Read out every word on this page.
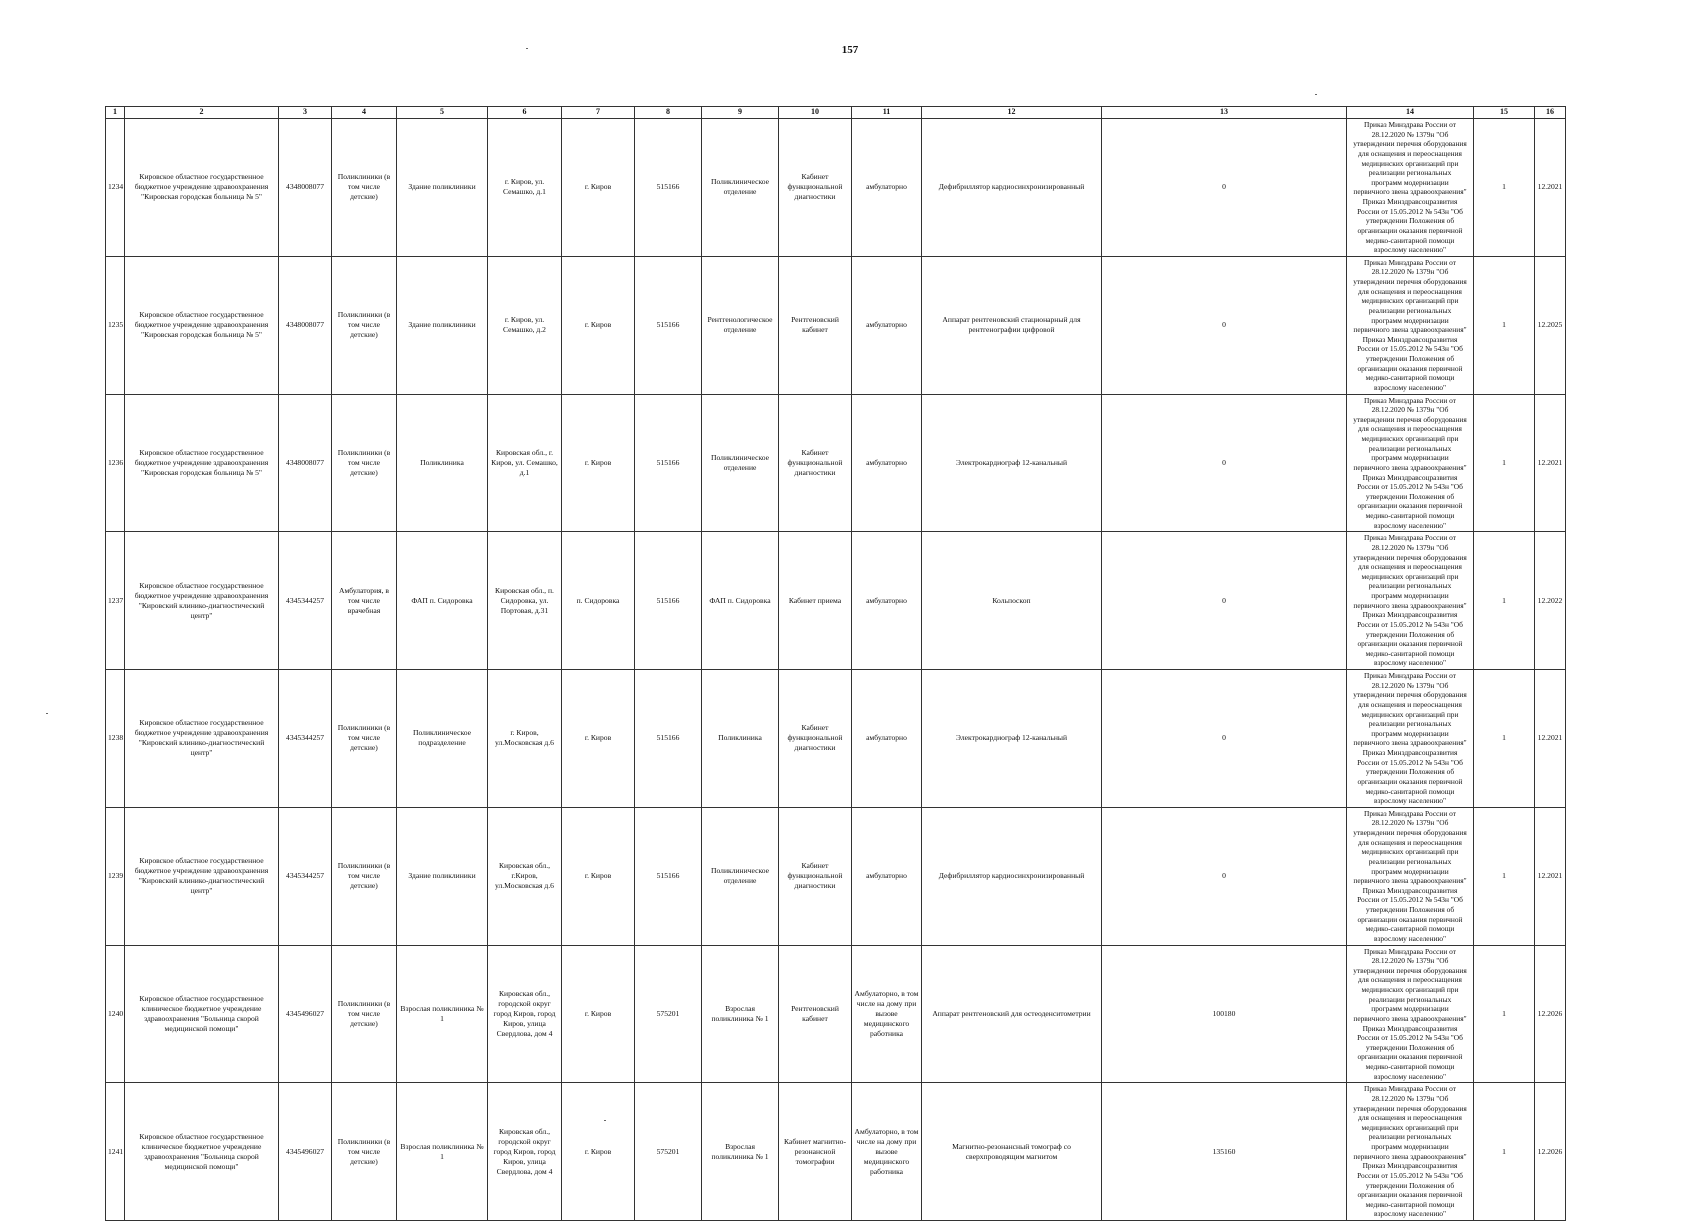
157
1	2	3	4	5	6	7	8	9	10	11	12	13	14	15	16
1234	Кировское областное государственное бюджетное учреждение здравоохранения "Кировская городская больница № 5"	4348008077	Поликлиники (в том числе детские)	Здание поликлиники	г. Киров, ул. Семашко, д.1	г. Киров	515166	Поликлиническое отделение	Кабинет функциональной диагностики	амбулаторно	Дефибриллятор кардиосинхронизированный	0	Приказ Минздрава России от 28.12.2020 № 1379н "Об утверждении перечня оборудования для оснащения и переоснащения медицинских организаций при реализации региональных программ модернизации первичного звена здравоохранения" Приказ Минздравсоцразвития России от 15.05.2012 № 543н "Об утверждении Положения об организации оказания первичной медико-санитарной помощи взрослому населению"	1	12.2021
1235	Кировское областное государственное бюджетное учреждение здравоохранения "Кировская городская больница № 5"	4348008077	Поликлиники (в том числе детские)	Здание поликлиники	г. Киров, ул. Семашко, д.2	г. Киров	515166	Рентгенологическое отделение	Рентгеновский кабинет	амбулаторно	Аппарат рентгеновский стационарный для рентгенографии цифровой	0	Приказ Минздрава России от 28.12.2020 № 1379н "Об утверждении перечня оборудования для оснащения и переоснащения медицинских организаций при реализации региональных программ модернизации первичного звена здравоохранения" Приказ Минздравсоцразвития России от 15.05.2012 № 543н "Об утверждении Положения об организации оказания первичной медико-санитарной помощи взрослому населению"	1	12.2025
1236	Кировское областное государственное бюджетное учреждение здравоохранения "Кировская городская больница № 5"	4348008077	Поликлиники (в том числе детские)	Поликлиника	Кировская обл., г. Киров, ул. Семашко, д.1	г. Киров	515166	Поликлиническое отделение	Кабинет функциональной диагностики	амбулаторно	Электрокардиограф 12-канальный	0	Приказ Минздрава России от 28.12.2020 № 1379н "Об утверждении перечня оборудования для оснащения и переоснащения медицинских организаций при реализации региональных программ модернизации первичного звена здравоохранения" Приказ Минздравсоцразвития России от 15.05.2012 № 543н "Об утверждении Положения об организации оказания первичной медико-санитарной помощи взрослому населению"	1	12.2021
1237	Кировское областное государственное бюджетное учреждение здравоохранения "Кировский клинико-диагностический центр"	4345344257	Амбулатория, в том числе врачебная	ФАП п. Сидоровка	Кировская обл., п. Сидоровка, ул. Портовая, д.31	п. Сидоровка	515166	ФАП п. Сидоровка	Кабинет приема	амбулаторно	Кольпоскоп	0	Приказ Минздрава России от 28.12.2020 № 1379н "Об утверждении перечня оборудования для оснащения и переоснащения медицинских организаций при реализации региональных программ модернизации первичного звена здравоохранения" Приказ Минздравсоцразвития России от 15.05.2012 № 543н "Об утверждении Положения об организации оказания первичной медико-санитарной помощи взрослому населению"	1	12.2022
1238	Кировское областное государственное бюджетное учреждение здравоохранения "Кировский клинико-диагностический центр"	4345344257	Поликлиники (в том числе детские)	Поликлиническое подразделение	г. Киров, ул.Московская д.6	г. Киров	515166	Поликлиника	Кабинет функциональной диагностики	амбулаторно	Электрокардиограф 12-канальный	0	Приказ Минздрава России от 28.12.2020 № 1379н "Об утверждении перечня оборудования для оснащения и переоснащения медицинских организаций при реализации региональных программ модернизации первичного звена здравоохранения" Приказ Минздравсоцразвития России от 15.05.2012 № 543н "Об утверждении Положения об организации оказания первичной медико-санитарной помощи взрослому населению"	1	12.2021
1239	Кировское областное государственное бюджетное учреждение здравоохранения "Кировский клинико-диагностический центр"	4345344257	Поликлиники (в том числе детские)	Здание поликлиники	Кировская обл., г.Киров, ул.Московская д.6	г. Киров	515166	Поликлиническое отделение	Кабинет функциональной диагностики	амбулаторно	Дефибриллятор кардиосинхронизированный	0	Приказ Минздрава России от 28.12.2020 № 1379н "Об утверждении перечня оборудования для оснащения и переоснащения медицинских организаций при реализации региональных программ модернизации первичного звена здравоохранения" Приказ Минздравсоцразвития России от 15.05.2012 № 543н "Об утверждении Положения об организации оказания первичной медико-санитарной помощи взрослому населению"	1	12.2021
1240	Кировское областное государственное клиническое бюджетное учреждение здравоохранения "Больница скорой медицинской помощи"	4345496027	Поликлиники (в том числе детские)	Взрослая поликлиника № 1	Кировская обл., городской округ город Киров, город Киров, улица Свердлова, дом 4	г. Киров	575201	Взрослая поликлиника № 1	Рентгеновский кабинет	Амбулаторно, в том числе на дому при вызове медицинского работника	Аппарат рентгеновский для остеоденситометрии	100180	Приказ Минздрава России от 28.12.2020 № 1379н "Об утверждении перечня оборудования для оснащения и переоснащения медицинских организаций при реализации региональных программ модернизации первичного звена здравоохранения" Приказ Минздравсоцразвития России от 15.05.2012 № 543н "Об утверждении Положения об организации оказания первичной медико-санитарной помощи взрослому населению"	1	12.2026
1241	Кировское областное государственное клиническое бюджетное учреждение здравоохранения "Больница скорой медицинской помощи"	4345496027	Поликлиники (в том числе детские)	Взрослая поликлиника № 1	Кировская обл., городской округ город Киров, город Киров, улица Свердлова, дом 4	г. Киров	575201	Взрослая поликлиника № 1	Кабинет магнитно-резонансной томографии	Амбулаторно, в том числе на дому при вызове медицинского работника	Магнитно-резонансный томограф со сверхпроводящим магнитом	135160	Приказ Минздрава России от 28.12.2020 № 1379н "Об утверждении перечня оборудования для оснащения и переоснащения медицинских организаций при реализации региональных программ модернизации первичного звена здравоохранения" Приказ Минздравсоцразвития России от 15.05.2012 № 543н "Об утверждении Положения об организации оказания первичной медико-санитарной помощи взрослому населению"	1	12.2026
